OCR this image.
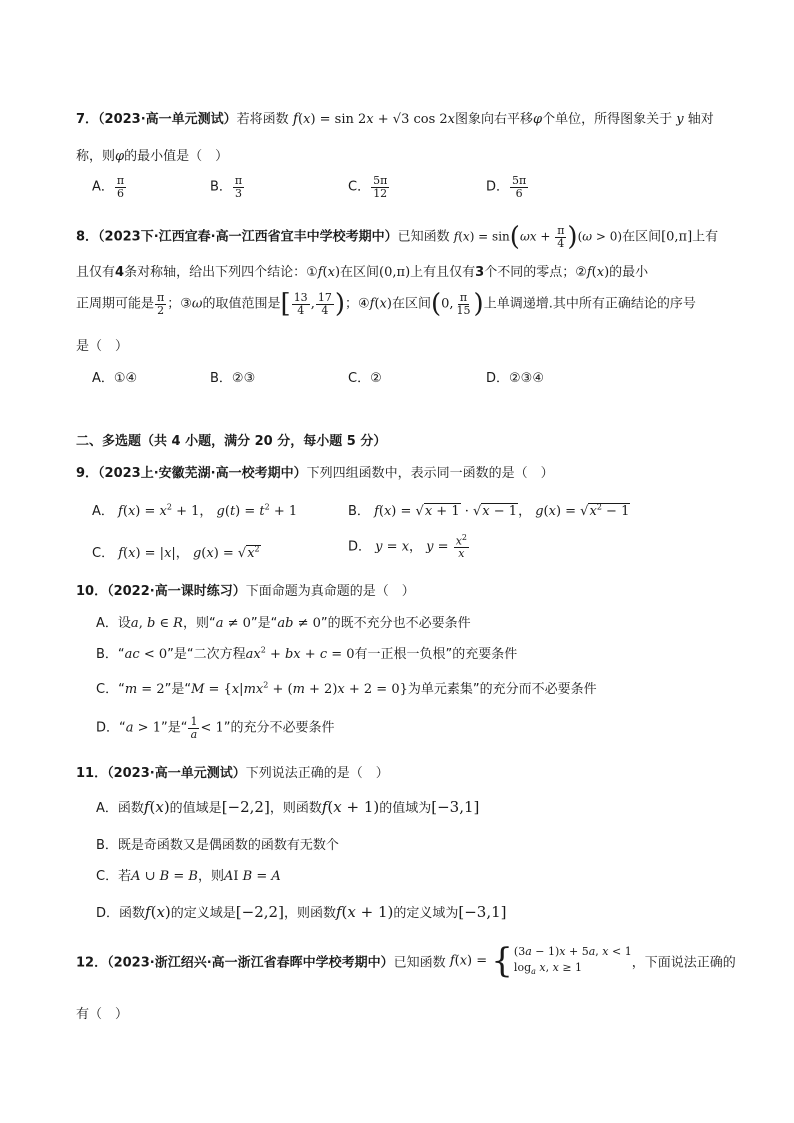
7．（2023·高一单元测试）若将函数 f(x) = sin 2x + √3 cos 2x图象向右平移φ个单位，所得图象关于 y 轴对
称，则φ的最小值是（　）
A． $\frac{\pi}{6}$	B． $\frac{\pi}{3}$	C． $\frac{5\pi}{12}$	D． $\frac{5\pi}{6}$
8．（2023下·江西宜春·高一江西省宜丰中学校考期中）已知函数 $f(x) = \sin(\omega x + \frac{\pi}{4} )(\omega > 0)$在区间[0,π]上有
且仅有4条对称轴，给出下列四个结论：①f(x)在区间(0,π)上有且仅有3个不同的零点；②f(x)的最小
正周期可能是 $\frac{\pi}{2}$ ；③ω的取值范围是[ $\frac{13}{4}$ , $\frac{17}{4}$ )；④f(x)在区间(0, $\frac{\pi}{15}$ )上单调递增.其中所有正确结论的序号
是（　）
A．①④	B．②③	C．②	D．②③④
二、多选题（共 4 小题，满分 20 分，每小题 5 分）
9．（2023上·安徽芜湖·高一校考期中）下列四组函数中，表示同一函数的是（　）
A． $f(x) = x^2 + 1$， $g(t) = t^2 + 1$	B． f(x) = √x + 1 · √x − 1， $g(x) = √x^2 - 1$
C． f(x) = |x|， $g(x) = √x^2$	D． y = x， $y = \frac{x^2}{x}$
10．（2022·高一课时练习）下面命题为真命题的是（　）
A．设a, b ∈ R，则“a ≠ 0”是“ab ≠ 0”的既不充分也不必要条件
B．“ac < 0”是“二次方程$ax^2$ + bx + c = 0有一正根一负根”的充要条件
C．“m = 2”是“$M = \{x|mx^2 + (m + 2)x + 2 = 0\}$为单元素集”的充分而不必要条件
D．“a > 1”是“ $\frac{1}{a} < 1$”的充分不必要条件
11．（2023·高一单元测试）下列说法正确的是（　）
A．函数f(x)的值域是[−2,2]，则函数f(x + 1)的值域为[−3,1]
B．既是奇函数又是偶函数的函数有无数个
C．若A ∪ B = B，则AI B = A
D．函数f(x)的定义域是[−2,2]，则函数f(x + 1)的定义域为[−3,1]
12．（2023·浙江绍兴·高一浙江省春晖中学校考期中）已知函数 f(x) = { (3a − 1)x + 5a, x < 1
$\log_a x$, x ≥ 1	，下面说法正确的
有（　）
